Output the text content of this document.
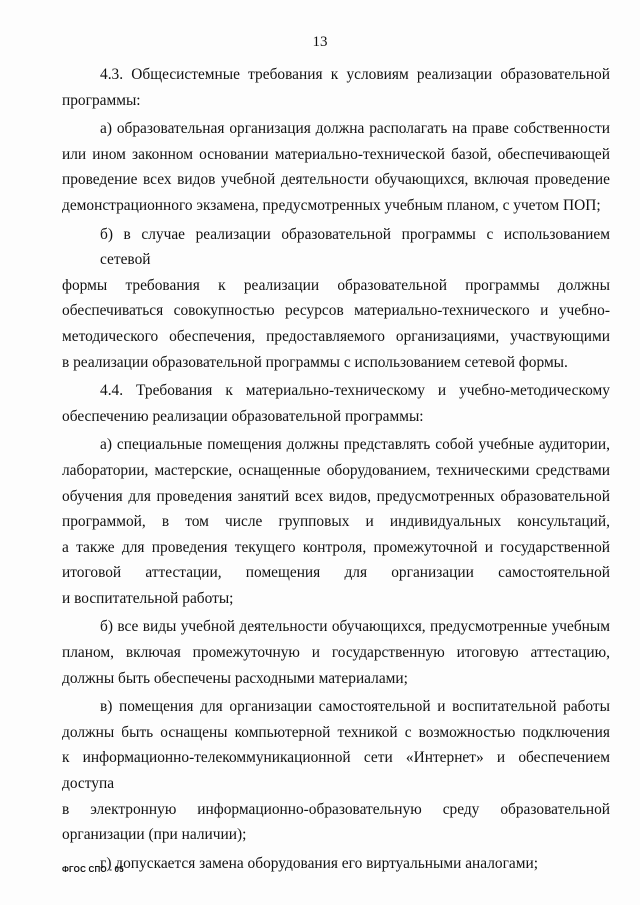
13
4.3. Общесистемные требования к условиям реализации образовательной
программы:
а) образовательная организация должна располагать на праве собственности
или ином законном основании материально-технической базой, обеспечивающей
проведение всех видов учебной деятельности обучающихся, включая проведение
демонстрационного экзамена, предусмотренных учебным планом, с учетом ПОП;
б) в случае реализации образовательной программы с использованием сетевой
формы требования к реализации образовательной программы должны
обеспечиваться совокупностью ресурсов материально-технического и учебно-
методического обеспечения, предоставляемого организациями, участвующими
в реализации образовательной программы с использованием сетевой формы.
4.4. Требования к материально-техническому и учебно-методическому
обеспечению реализации образовательной программы:
а) специальные помещения должны представлять собой учебные аудитории,
лаборатории, мастерские, оснащенные оборудованием, техническими средствами
обучения для проведения занятий всех видов, предусмотренных образовательной
программой, в том числе групповых и индивидуальных консультаций,
а также для проведения текущего контроля, промежуточной и государственной
итоговой аттестации, помещения для организации самостоятельной
и воспитательной работы;
б) все виды учебной деятельности обучающихся, предусмотренные учебным
планом, включая промежуточную и государственную итоговую аттестацию,
должны быть обеспечены расходными материалами;
в) помещения для организации самостоятельной и воспитательной работы
должны быть оснащены компьютерной техникой с возможностью подключения
к информационно-телекоммуникационной сети «Интернет» и обеспечением доступа
в электронную информационно-образовательную среду образовательной
организации (при наличии);
г) допускается замена оборудования его виртуальными аналогами;
ФГОС СПО - 05
